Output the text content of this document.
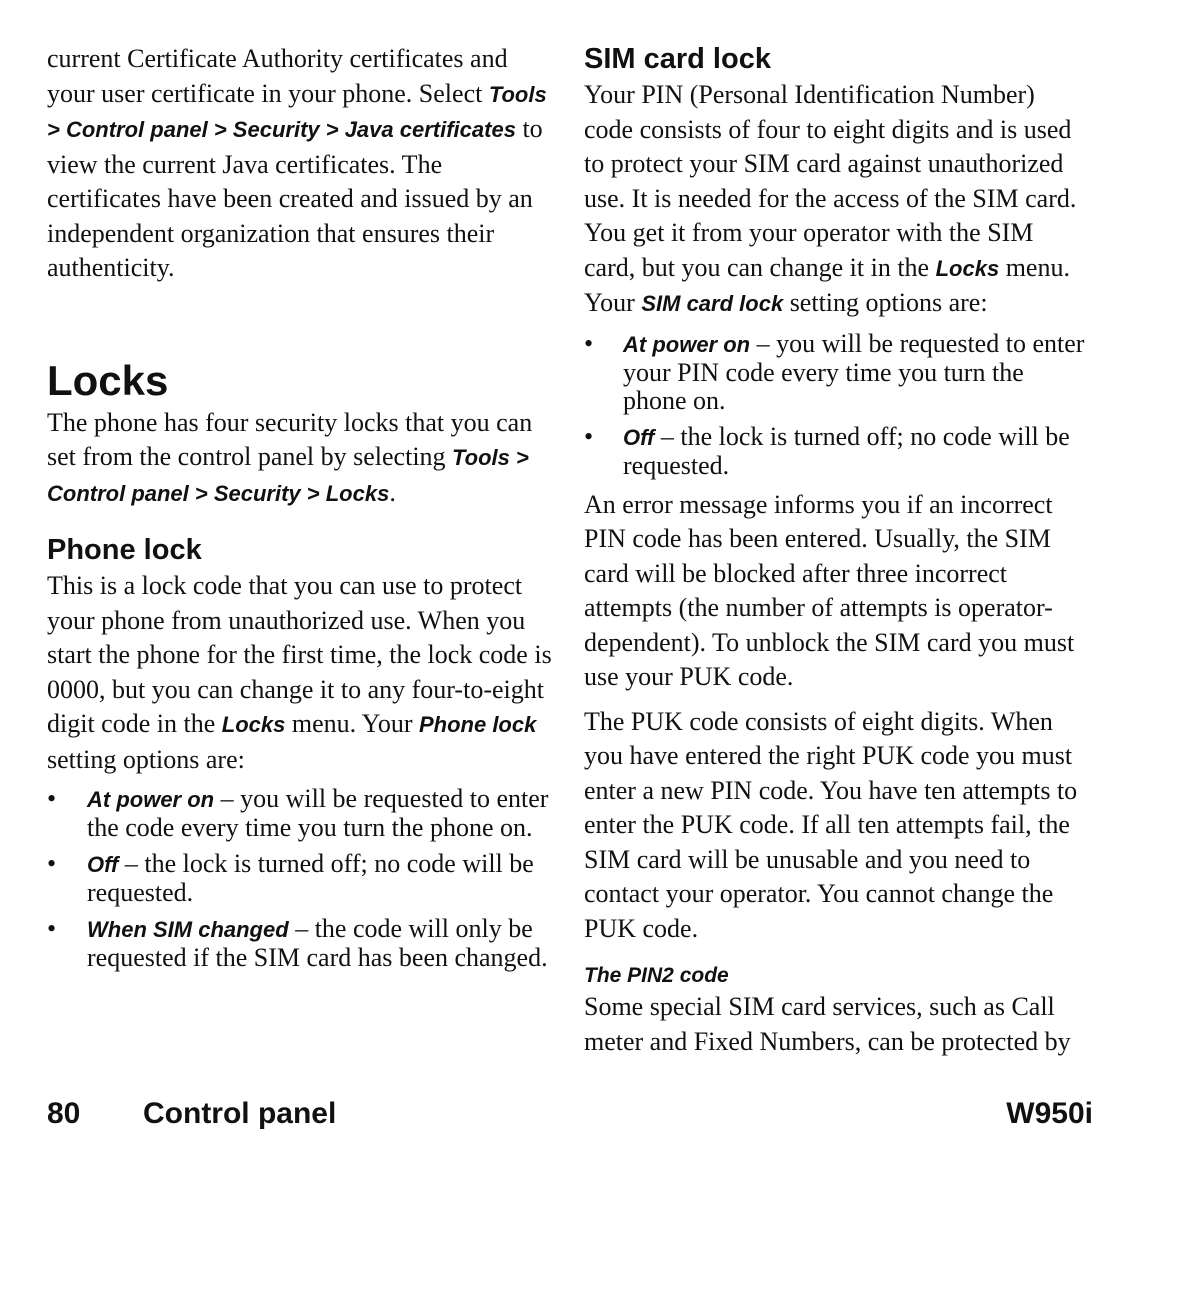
current Certificate Authority certificates and your user certificate in your phone. Select Tools > Control panel > Security > Java certificates to view the current Java certificates. The certificates have been created and issued by an independent organization that ensures their authenticity.

Locks

The phone has four security locks that you can set from the control panel by selecting Tools > Control panel > Security > Locks.

Phone lock

This is a lock code that you can use to protect your phone from unauthorized use. When you start the phone for the first time, the lock code is 0000, but you can change it to any four-to-eight digit code in the Locks menu. Your Phone lock setting options are:

• At power on – you will be requested to enter the code every time you turn the phone on.
• Off – the lock is turned off; no code will be requested.
• When SIM changed – the code will only be requested if the SIM card has been changed.
SIM card lock

Your PIN (Personal Identification Number) code consists of four to eight digits and is used to protect your SIM card against unauthorized use. It is needed for the access of the SIM card. You get it from your operator with the SIM card, but you can change it in the Locks menu. Your SIM card lock setting options are:

• At power on – you will be requested to enter your PIN code every time you turn the phone on.
• Off – the lock is turned off; no code will be requested.

An error message informs you if an incorrect PIN code has been entered. Usually, the SIM card will be blocked after three incorrect attempts (the number of attempts is operator-dependent). To unblock the SIM card you must use your PUK code.

The PUK code consists of eight digits. When you have entered the right PUK code you must enter a new PIN code. You have ten attempts to enter the PUK code. If all ten attempts fail, the SIM card will be unusable and you need to contact your operator. You cannot change the PUK code.

The PIN2 code

Some special SIM card services, such as Call meter and Fixed Numbers, can be protected by

80 Control panel	W950i
